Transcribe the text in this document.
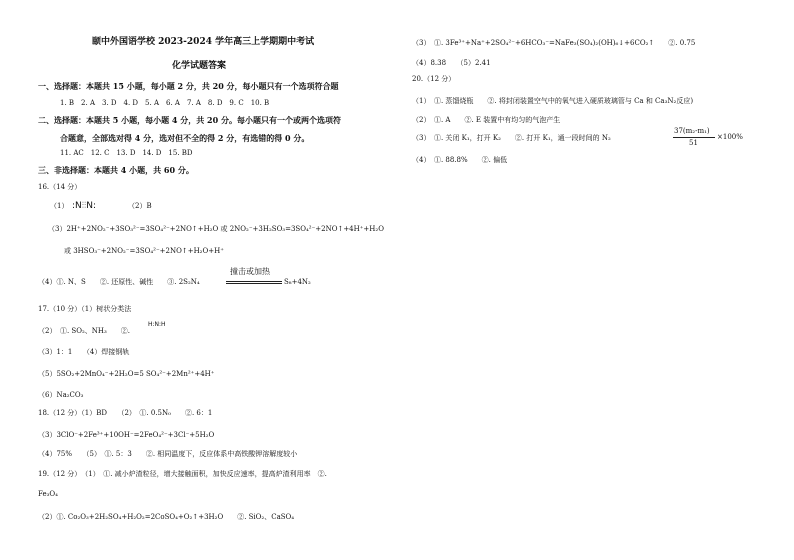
颐中外国语学校 2023-2024 学年高三上学期期中考试
化学试题答案
一、选择题：本题共 15 小题，每小题 2 分，共 20 分，每小题只有一个选项符合题
1. B　2. A　3. D　4. D　5. A　6. A　7. A　8. D　9. C　10. B
二、选择题：本题共 5 小题，每小题 4 分，共 20 分。每小题只有一个或两个选项符
合题意，全部选对得 4 分，选对但不全的得 2 分，有选错的得 0 分。
11. AC　12. C　13. D　14. D　15. BD
三、非选择题：本题共 4 小题，共 60 分。
16.（14 分）
（1） :N⫶⫶N:	（2）B
（3）2H⁺+2NO₂⁻+3SO₃²⁻=3SO₄²⁻+2NO↑+H₂O 或 2NO₂⁻+3H₂SO₃=3SO₄²⁻+2NO↑+4H⁺+H₂O
或 3HSO₃⁻+2NO₂⁻=3SO₄²⁻+2NO↑+H₂O+H⁺
（4）①. N、S　　②. 还原性、碱性　　③. 2S₂N₄
撞击或加热
S₈+4N₂
17.（10 分）（1）树状分类法
（2）　①. SO₂、NH₃　　②.
H:N:H
（3）1：1　　（4）焊接钢轨
（5）5SO₂+2MnO₄⁻+2H₂O=5 SO₄²⁻+2Mn²⁺+4H⁺
（6）Na₂CO₃
18.（12 分）（1）BD　　（2）　①. 0.5N₀　　②. 6：1
（3）3ClO⁻+2Fe³⁺+10OH⁻=2FeO₄²⁻+3Cl⁻+5H₂O
（4）75%　　（5）　①. 5：3　　②. 相同温度下，反应体系中高铁酸钾溶解度较小
19.（12 分）　（1）　①. 减小炉渣粒径，增大接触面积，加快反应速率，提高炉渣利用率　②.
Fe₃O₄
（2）①. Co₂O₃+2H₂SO₄+H₂O₂=2CoSO₄+O₂↑+3H₂O　　②. SiO₂、CaSO₄
（3）　①. 3Fe³⁺+Na⁺+2SO₄²⁻+6HCO₃⁻=NaFe₃(SO₄)₂(OH)₆↓+6CO₂↑　　②. 0.75
（4）8.38　　（5）2.41
20.（12 分）
（1）　①. 蒸馏烧瓶　　②. 将封闭装置空气中的氧气进入硬质玻璃管与 Ca 和 Ca₃N₂反应)
（2）　①. A　　②. E 装置中有均匀的气泡产生
（3）　①. 关闭 K₁，打开 K₂　　②. 打开 K₁，通一段时间的 N₂
37(m₂-m₁)
51
×100%
（4）　①. 88.8%　　②. 偏低
